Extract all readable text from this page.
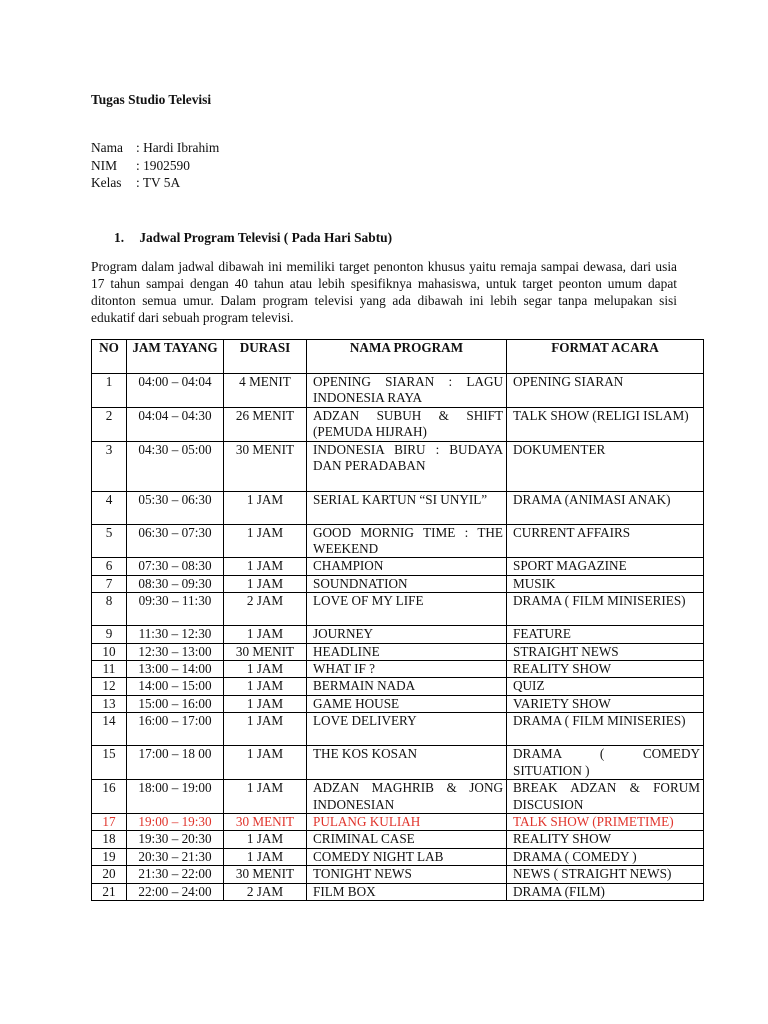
Tugas Studio Televisi
Nama : Hardi Ibrahim
NIM	: 1902590
Kelas	: TV 5A
1. Jadwal Program Televisi ( Pada Hari Sabtu)
Program dalam jadwal dibawah ini memiliki target penonton khusus yaitu remaja sampai dewasa, dari usia 17 tahun sampai dengan 40 tahun atau lebih spesifiknya mahasiswa, untuk target peonton umum dapat ditonton semua umur. Dalam program televisi yang ada dibawah ini lebih segar tanpa melupakan sisi edukatif dari sebuah program televisi.
NO	JAM TAYANG	DURASI	NAMA PROGRAM	FORMAT ACARA
1	04:00 – 04:04	4 MENIT	OPENING SIARAN : LAGU INDONESIA RAYA	OPENING SIARAN
2	04:04 – 04:30	26 MENIT	ADZAN SUBUH & SHIFT (PEMUDA HIJRAH)	TALK SHOW (RELIGI ISLAM)
3	04:30 – 05:00	30 MENIT	INDONESIA BIRU : BUDAYA DAN PERADABAN	DOKUMENTER
4	05:30 – 06:30	1 JAM	SERIAL KARTUN “SI UNYIL”	DRAMA (ANIMASI ANAK)
5	06:30 – 07:30	1 JAM	GOOD MORNIG TIME : THE WEEKEND	CURRENT AFFAIRS
6	07:30 – 08:30	1 JAM	CHAMPION	SPORT MAGAZINE
7	08:30 – 09:30	1 JAM	SOUNDNATION	MUSIK
8	09:30 – 11:30	2 JAM	LOVE OF MY LIFE	DRAMA ( FILM MINISERIES)
9	11:30 – 12:30	1 JAM	JOURNEY	FEATURE
10	12:30 – 13:00	30 MENIT	HEADLINE	STRAIGHT NEWS
11	13:00 – 14:00	1 JAM	WHAT IF ?	REALITY SHOW
12	14:00 – 15:00	1 JAM	BERMAIN NADA	QUIZ
13	15:00 – 16:00	1 JAM	GAME HOUSE	VARIETY SHOW
14	16:00 – 17:00	1 JAM	LOVE DELIVERY	DRAMA ( FILM MINISERIES)
15	17:00 – 18 00	1 JAM	THE KOS KOSAN	DRAMA ( COMEDY SITUATION )
16	18:00 – 19:00	1 JAM	ADZAN MAGHRIB & JONG INDONESIAN	BREAK ADZAN & FORUM DISCUSION
17	19:00 – 19:30	30 MENIT	PULANG KULIAH	TALK SHOW (PRIMETIME)
18	19:30 – 20:30	1 JAM	CRIMINAL CASE	REALITY SHOW
19	20:30 – 21:30	1 JAM	COMEDY NIGHT LAB	DRAMA ( COMEDY )
20	21:30 – 22:00	30 MENIT	TONIGHT NEWS	NEWS ( STRAIGHT NEWS)
21	22:00 – 24:00	2 JAM	FILM BOX	DRAMA (FILM)
